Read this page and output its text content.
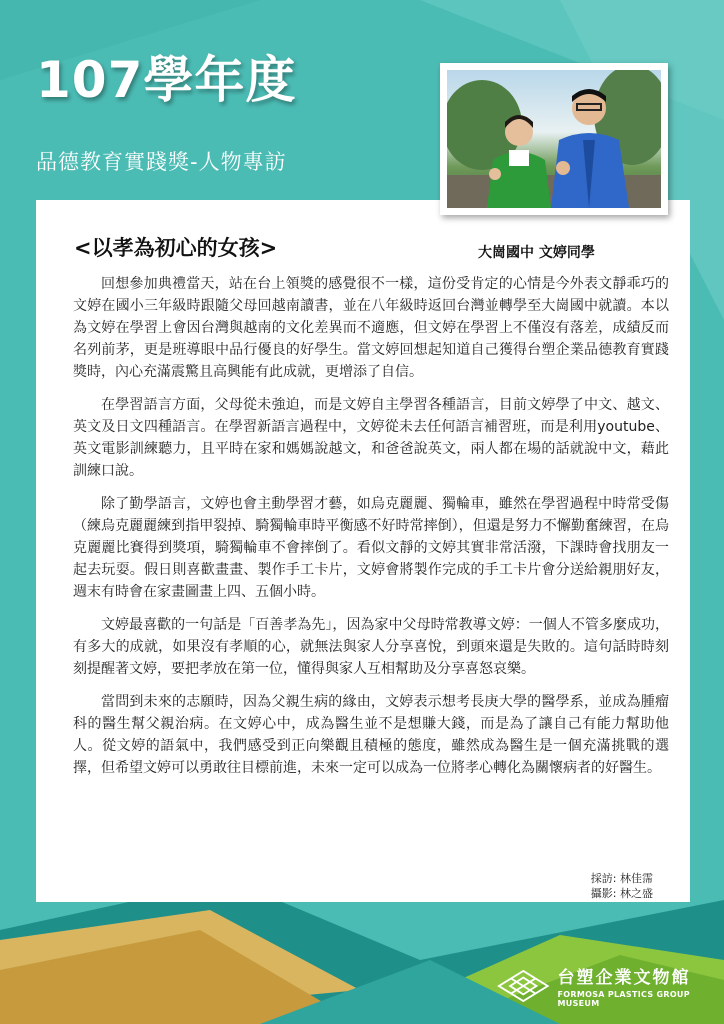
107學年度
品德教育實踐獎-人物專訪
<以孝為初心的女孩>	大崗國中 文婷同學

回想參加典禮當天，站在台上領獎的感覺很不一樣，這份受肯定的心情是今外表文靜乖巧的文婷在國小三年級時跟隨父母回越南讀書，並在八年級時返回台灣並轉學至大崗國中就讀。本以為文婷在學習上會因台灣與越南的文化差異而不適應，但文婷在學習上不僅沒有落差，成績反而名列前茅，更是班導眼中品行優良的好學生。當文婷回想起知道自己獲得台塑企業品德教育實踐獎時，內心充滿震驚且高興能有此成就，更增添了自信。

在學習語言方面，父母從未強迫，而是文婷自主學習各種語言，目前文婷學了中文、越文、英文及日文四種語言。在學習新語言過程中，文婷從未去任何語言補習班，而是利用youtube、英文電影訓練聽力，且平時在家和媽媽說越文，和爸爸說英文，兩人都在場的話就說中文，藉此訓練口說。

除了勤學語言，文婷也會主動學習才藝，如烏克麗麗、獨輪車，雖然在學習過程中時常受傷（練烏克麗麗練到指甲裂掉、騎獨輪車時平衡感不好時常摔倒），但還是努力不懈勤奮練習，在烏克麗麗比賽得到獎項，騎獨輪車不會摔倒了。看似文靜的文婷其實非常活潑，下課時會找朋友一起去玩耍。假日則喜歡畫畫、製作手工卡片，文婷會將製作完成的手工卡片會分送給親朋好友，週末有時會在家畫圖畫上四、五個小時。

文婷最喜歡的一句話是「百善孝為先」，因為家中父母時常教導文婷：一個人不管多麼成功，有多大的成就，如果沒有孝順的心，就無法與家人分享喜悅，到頭來還是失敗的。這句話時時刻刻提醒著文婷，要把孝放在第一位，懂得與家人互相幫助及分享喜怒哀樂。

當問到未來的志願時，因為父親生病的緣由，文婷表示想考長庚大學的醫學系，並成為腫瘤科的醫生幫父親治病。在文婷心中，成為醫生並不是想賺大錢，而是為了讓自己有能力幫助他人。從文婷的語氣中，我們感受到正向樂觀且積極的態度，雖然成為醫生是一個充滿挑戰的選擇，但希望文婷可以勇敢往目標前進，未來一定可以成為一位將孝心轉化為關懷病者的好醫生。

採訪: 林佳霈
攝影: 林之盛
台塑企業文物館
FORMOSA PLASTICS GROUP MUSEUM
